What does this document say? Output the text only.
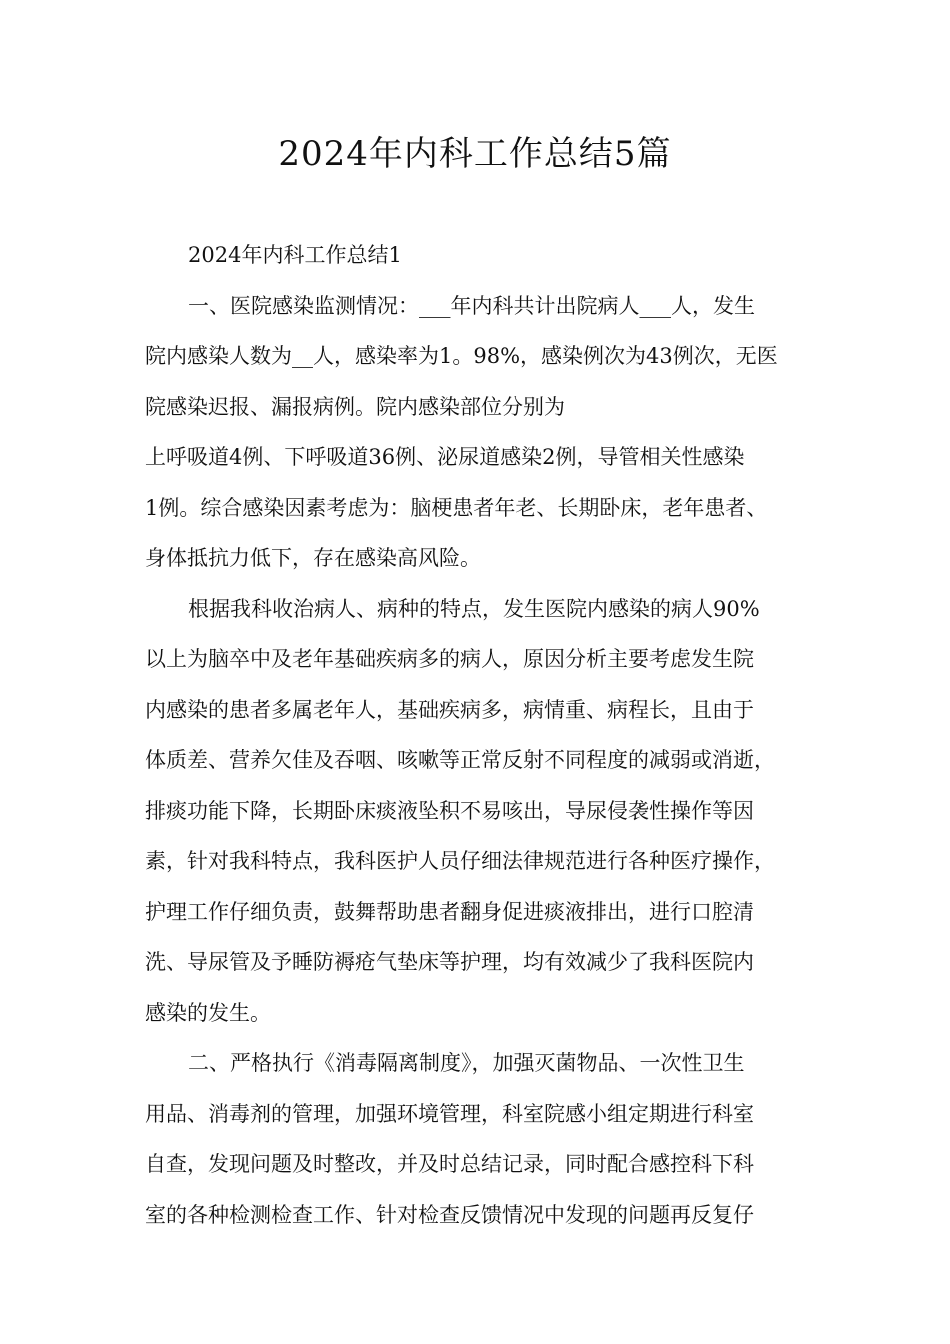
2024年内科工作总结5篇

2024年内科工作总结1

一、医院感染监测情况：___年内科共计出院病人___人，发生

院内感染人数为__人，感染率为1。98%，感染例次为43例次，无医

院感染迟报、漏报病例。院内感染部位分别为

上呼吸道4例、下呼吸道36例、泌尿道感染2例，导管相关性感染

1例。综合感染因素考虑为：脑梗患者年老、长期卧床，老年患者、

身体抵抗力低下，存在感染高风险。

根据我科收治病人、病种的特点，发生医院内感染的病人90%

以上为脑卒中及老年基础疾病多的病人，原因分析主要考虑发生院

内感染的患者多属老年人，基础疾病多，病情重、病程长，且由于

体质差、营养欠佳及吞咽、咳嗽等正常反射不同程度的减弱或消逝，

排痰功能下降，长期卧床痰液坠积不易咳出，导尿侵袭性操作等因

素，针对我科特点，我科医护人员仔细法律规范进行各种医疗操作，

护理工作仔细负责，鼓舞帮助患者翻身促进痰液排出，进行口腔清

洗、导尿管及予睡防褥疮气垫床等护理，均有效减少了我科医院内

感染的发生。

二、严格执行《消毒隔离制度》，加强灭菌物品、一次性卫生

用品、消毒剂的管理，加强环境管理，科室院感小组定期进行科室

自查，发现问题及时整改，并及时总结记录，同时配合感控科下科

室的各种检测检查工作、针对检查反馈情况中发现的问题再反复仔
